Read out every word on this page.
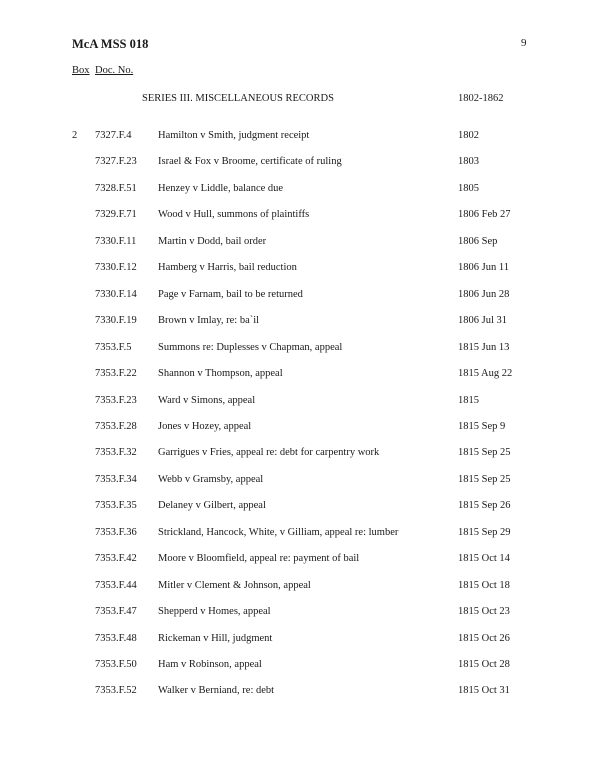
McA MSS 018	9
Box Doc. No.
SERIES III. MISCELLANEOUS RECORDS	1802-1862
2 7327.F.4	Hamilton v Smith, judgment receipt	1802
7327.F.23 Israel & Fox v Broome, certificate of ruling	1803
7328.F.51 Henzey v Liddle, balance due	1805
7329.F.71 Wood v Hull, summons of plaintiffs	1806 Feb 27
7330.F.11 Martin v Dodd, bail order	1806 Sep
7330.F.12 Hamberg v Harris, bail reduction	1806 Jun 11
7330.F.14 Page v Farnam, bail to be returned	1806 Jun 28
7330.F.19 Brown v Imlay, re: ba`il	1806 Jul 31
7353.F.5	Summons re: Duplesses v Chapman, appeal	1815 Jun 13
7353.F.22 Shannon v Thompson, appeal	1815 Aug 22
7353.F.23 Ward v Simons, appeal	1815
7353.F.28 Jones v Hozey, appeal	1815 Sep 9
7353.F.32 Garrigues v Fries, appeal re: debt for carpentry work	1815 Sep 25
7353.F.34 Webb v Gramsby, appeal	1815 Sep 25
7353.F.35 Delaney v Gilbert, appeal	1815 Sep 26
7353.F.36 Strickland, Hancock, White, v Gilliam, appeal re: lumber	1815 Sep 29
7353.F.42 Moore v Bloomfield, appeal re: payment of bail	1815 Oct 14
7353.F.44 Mitler v Clement & Johnson, appeal	1815 Oct 18
7353.F.47 Shepperd v Homes, appeal	1815 Oct 23
7353.F.48 Rickeman v Hill, judgment	1815 Oct 26
7353.F.50 Ham v Robinson, appeal	1815 Oct 28
7353.F.52 Walker v Berniand, re: debt	1815 Oct 31
